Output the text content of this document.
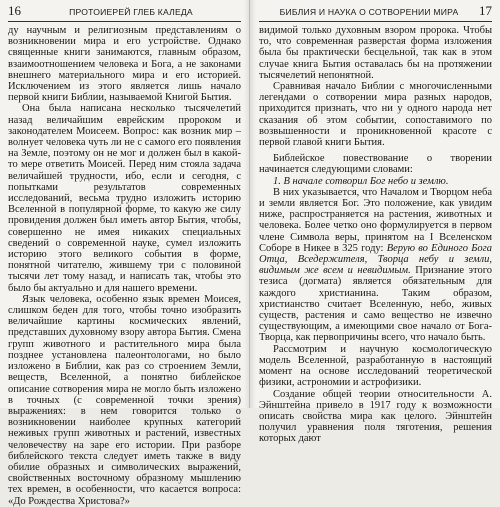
16	ПРОТОИЕРЕЙ ГЛЕБ КАЛЕДА

ду научным и религиозным представлениям о возникновении мира и его устройстве. Однако священные книги занимаются, главным образом, взаимоотношением человека и Бога, а не законами внешнего материального мира и его историей. Исключением из этого является лишь начало первой книги Библии, называемой Книгой Бытия.

Она была написана несколько тысячелетий назад величайшим еврейским пророком и законодателем Моисеем. Вопрос: как возник мир – волнует человека чуть ли не с самого его появления на Земле, поэтому он не мог и должен был в какой-то мере ответить Моисей. Перед ним стояла задача величайшей трудности, ибо, если и сегодня, с попытками результатов современных исследований, весьма трудно изложить историю Вселенной в популярной форме, то какую же силу провидения должен был иметь автор Бытия, чтобы, совершенно не имея никаких специальных сведений о современной науке, сумел изложить историю этого великого события в форме, понятной читателю, жившему три с половиной тысячи лет тому назад, и написать так, чтобы это было бы актуально и для нашего времени.

Язык человека, особенно язык времен Моисея, слишком беден для того, чтобы точно изобразить величайшие картины космических явлений, представших духовному взору автора Бытия. Смена групп животного и растительного мира была позднее установлена палеонтологами, но было изложено в Библии, как раз со строением Земли, веществ, Вселенной, а понятно библейское описание сотворения мира не могло быть изложено в точных (с современной точки зрения) выражениях: в нем говорится только о возникновении наиболее крупных категорий неживых групп животных и растений, известных человечеству на заре его истории. При разборе библейского текста следует иметь также в виду обилие образных и символических выражений, свойственных восточному образному мышлению тех времен, в особенности, что касается вопроса: «До Рождества Христова?»

17
БИБЛИЯ И НАУКА О СОТВОРЕНИИ МИРА

видимой только духовным взором пророка. Чтобы то, что современная разверстая форма изложения была бы практически бесцельной, так как в этом случае книга Бытия оставалась бы на протяжении тысячелетий непонятной.

Сравнивая начало Библии с многочисленными легендами о сотворении мира разных народов, приходится признать, что ни у одного народа нет сказания об этом событии, сопоставимого по возвышенности и проникновенной красоте с первой главой книги Бытия.

Библейское повествование о творении начинается следующими словами:

1. В начале сотворил Бог небо и землю.

В них указывается, что Началом и Творцом неба и земли является Бог. Это положение, как увидим ниже, распространяется на растения, животных и человека. Более четко оно формулируется в первом члене Символа веры, принятом на I Вселенском Соборе в Никее в 325 году: Верую во Единого Бога Отца, Вседержителя, Творца небу и земли, видимым же всем и невидимым. Признание этого тезиса (догмата) является обязательным для каждого христианина. Таким образом, христианство считает Вселенную, небо, живых существ, растения и само вещество не извечно существующим, а имеющими свое начало от Бога-Творца, как первопричины всего, что начало быть.

Рассмотрим и научную космологическую модель Вселенной, разработанную в настоящий момент на основе исследований теоретической физики, астрономии и астрофизики.

Создание общей теории относительности А. Эйнштейна привело в 1917 году к возможности описать свойства мира как целого. Эйнштейн получил уравнения поля тяготения, решения которых дают
